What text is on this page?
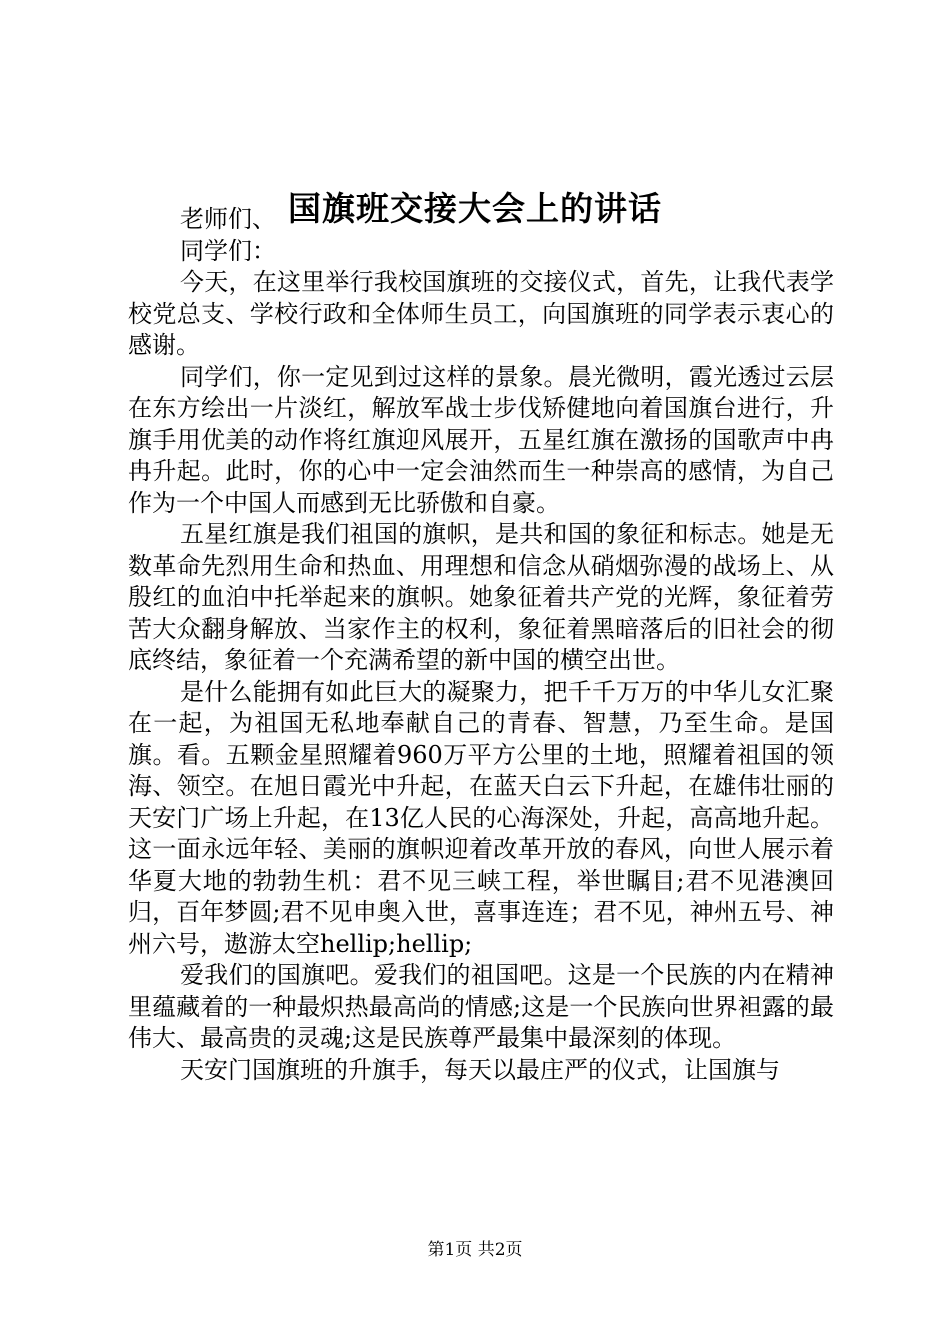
国旗班交接大会上的讲话

老师们、

同学们：

今天，在这里举行我校国旗班的交接仪式，首先，让我代表学校党总支、学校行政和全体师生员工，向国旗班的同学表示衷心的感谢。

同学们，你一定见到过这样的景象。晨光微明，霞光透过云层在东方绘出一片淡红，解放军战士步伐矫健地向着国旗台进行，升旗手用优美的动作将红旗迎风展开，五星红旗在激扬的国歌声中冉冉升起。此时，你的心中一定会油然而生一种崇高的感情，为自己作为一个中国人而感到无比骄傲和自豪。

五星红旗是我们祖国的旗帜，是共和国的象征和标志。她是无数革命先烈用生命和热血、用理想和信念从硝烟弥漫的战场上、从殷红的血泊中托举起来的旗帜。她象征着共产党的光辉，象征着劳苦大众翻身解放、当家作主的权利，象征着黑暗落后的旧社会的彻底终结，象征着一个充满希望的新中国的横空出世。

是什么能拥有如此巨大的凝聚力，把千千万万的中华儿女汇聚在一起，为祖国无私地奉献自己的青春、智慧，乃至生命。是国旗。看。五颗金星照耀着960万平方公里的土地，照耀着祖国的领海、领空。在旭日霞光中升起，在蓝天白云下升起，在雄伟壮丽的天安门广场上升起，在13亿人民的心海深处，升起，高高地升起。这一面永远年轻、美丽的旗帜迎着改革开放的春风，向世人展示着华夏大地的勃勃生机：君不见三峡工程，举世瞩目;君不见港澳回归，百年梦圆;君不见申奥入世，喜事连连；君不见，神州五号、神州六号，遨游太空hellip;hellip;

爱我们的国旗吧。爱我们的祖国吧。这是一个民族的内在精神里蕴藏着的一种最炽热最高尚的情感;这是一个民族向世界袒露的最伟大、最高贵的灵魂;这是民族尊严最集中最深刻的体现。

天安门国旗班的升旗手，每天以最庄严的仪式，让国旗与

第1页 共2页
